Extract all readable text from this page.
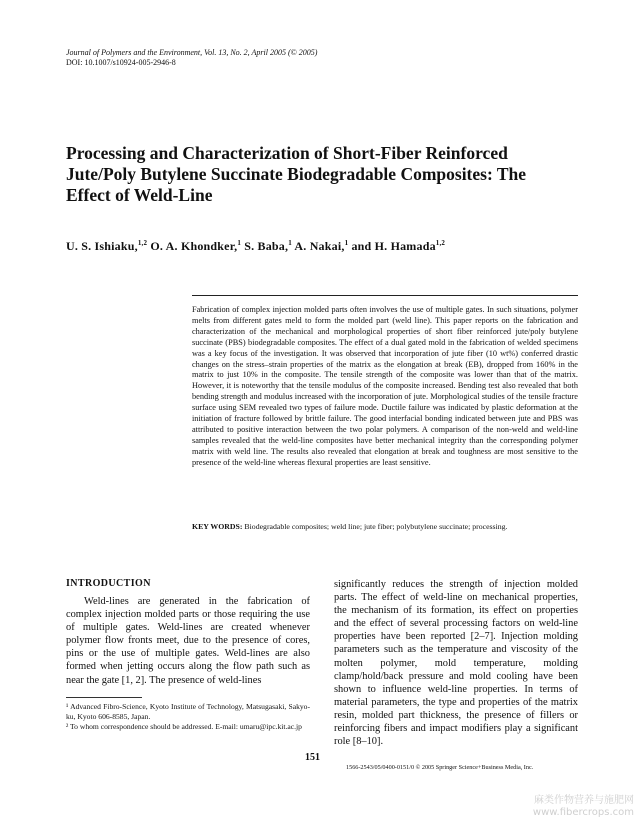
Journal of Polymers and the Environment, Vol. 13, No. 2, April 2005 (© 2005)
DOI: 10.1007/s10924-005-2946-8
Processing and Characterization of Short-Fiber Reinforced Jute/Poly Butylene Succinate Biodegradable Composites: The Effect of Weld-Line
U. S. Ishiaku,$^{1,2}$ O. A. Khondker,$^1$ S. Baba,$^1$ A. Nakai,$^1$ and H. Hamada$^{1,2}$
Fabrication of complex injection molded parts often involves the use of multiple gates. In such situations, polymer melts from different gates meld to form the molded part (weld line). This paper reports on the fabrication and characterization of the mechanical and morphological properties of short fiber reinforced jute/poly butylene succinate (PBS) biodegradable composites. The effect of a dual gated mold in the fabrication of welded specimens was a key focus of the investigation. It was observed that incorporation of jute fiber (10 wt%) conferred drastic changes on the stress–strain properties of the matrix as the elongation at break (EB), dropped from 160% in the matrix to just 10% in the composite. The tensile strength of the composite was lower than that of the matrix. However, it is noteworthy that the tensile modulus of the composite increased. Bending test also revealed that both bending strength and modulus increased with the incorporation of jute. Morphological studies of the tensile fracture surface using SEM revealed two types of failure mode. Ductile failure was indicated by plastic deformation at the initiation of fracture followed by brittle failure. The good interfacial bonding indicated between jute and PBS was attributed to positive interaction between the two polar polymers. A comparison of the non-weld and weld-line samples revealed that the weld-line composites have better mechanical integrity than the corresponding polymer matrix with weld line. The results also revealed that elongation at break and toughness are most sensitive to the presence of the weld-line whereas flexural properties are least sensitive.
KEY WORDS: Biodegradable composites; weld line; jute fiber; polybutylene succinate; processing.
INTRODUCTION

Weld-lines are generated in the fabrication of complex injection molded parts or those requiring the use of multiple gates. Weld-lines are created whenever polymer flow fronts meet, due to the presence of cores, pins or the use of multiple gates. Weld-lines are also formed when jetting occurs along the flow path such as near the gate [1, 2]. The presence of weld-lines

significantly reduces the strength of injection molded parts. The effect of weld-line on mechanical properties, the mechanism of its formation, its effect on properties and the effect of several processing factors on weld-line properties have been reported [2–7]. Injection molding parameters such as the temperature and viscosity of the molten polymer, mold temperature, molding clamp/hold/back pressure and mold cooling have been shown to influence weld-line properties. In terms of material parameters, the type and properties of the matrix resin, molded part thickness, the presence of fillers or reinforcing fibers and impact modifiers play a significant role [8–10].

¹ Advanced Fibro-Science, Kyoto Institute of Technology, Matsugasaki, Sakyo-ku, Kyoto 606-8585, Japan.

² To whom correspondence should be addressed. E-mail: umaru@ipc.kit.ac.jp

151
1566-2543/05/0400-0151/0 © 2005 Springer Science+Business Media, Inc.
麻类作物营养与施肥网
www.fibercrops.com
